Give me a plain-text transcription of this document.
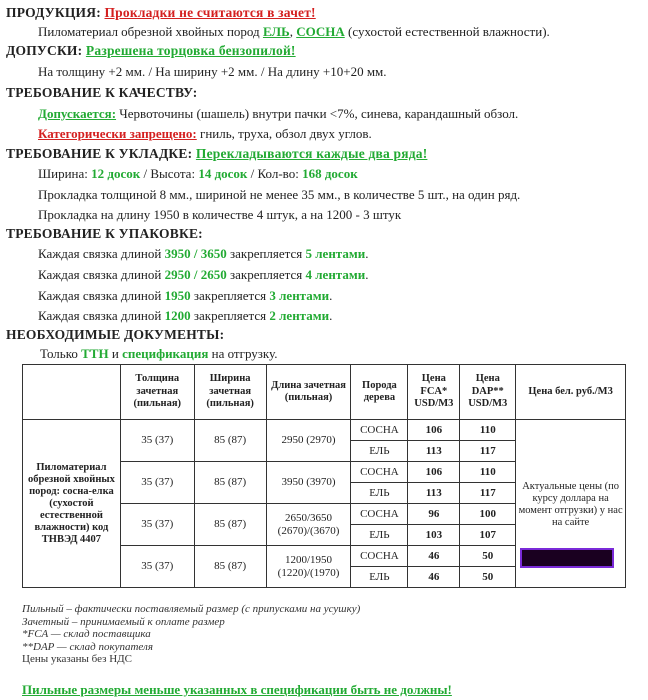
ПРОДУКЦИЯ: Прокладки не считаются в зачет!
Пиломатериал обрезной хвойных пород ЕЛЬ, СОСНА (сухостой естественной влажности).
ДОПУСКИ: Разрешена торцовка бензопилой!
На толщину +2 мм. / На ширину +2 мм. / На длину +10+20 мм.
ТРЕБОВАНИЕ К КАЧЕСТВУ:
Допускается: Червоточины (шашель) внутри пачки <7%, синева, карандашный обзол.
Категорически запрещено: гниль, труха, обзол двух углов.
ТРЕБОВАНИЕ К УКЛАДКЕ: Перекладываются каждые два ряда!
Ширина: 12 досок / Высота: 14 досок / Кол-во: 168 досок
Прокладка толщиной 8 мм., шириной не менее 35 мм., в количестве 5 шт., на один ряд.
Прокладка на длину 1950 в количестве 4 штук, а на 1200 - 3 штук
ТРЕБОВАНИЕ К УПАКОВКЕ:
Каждая связка длиной 3950 / 3650 закрепляется 5 лентами.
Каждая связка длиной 2950 / 2650 закрепляется 4 лентами.
Каждая связка длиной 1950 закрепляется 3 лентами.
Каждая связка длиной 1200 закрепляется 2 лентами.
НЕОБХОДИМЫЕ ДОКУМЕНТЫ:
Только ТТН и спецификация на отгрузку.
	Толщина зачетная (пильная)	Ширина зачетная (пильная)	Длина зачетная (пильная)	Порода дерева	Цена FCA* USD/M3	Цена DAP** USD/M3	Цена бел. руб./М3
Пиломатериал обрезной хвойных пород: сосна-елка (сухостой естественной влажности) код ТНВЭД 4407	35 (37)	85 (87)	2950 (2970)	СОСНА	106	110	Актуальные цены (по курсу доллара на момент отгрузки) у нас на сайте

				ЕЛЬ	113	117	
	35 (37)	85 (87)	3950 (3970)	СОСНА	106	110	
				ЕЛЬ	113	117	
	35 (37)	85 (87)	2650/3650 (2670)/(3670)	СОСНА	96	100	
				ЕЛЬ	103	107	
	35 (37)	85 (87)	1200/1950 (1220)/(1970)	СОСНА	46	50	
				ЕЛЬ	46	50	
Пильный – фактически поставляемый размер (с припусками на усушку)
Зачетный – принимаемый к оплате размер
*FCA — склад поставщика
**DAP — склад покупателя
Цены указаны без НДС
Пильные размеры меньше указанных в спецификации быть не должны!
